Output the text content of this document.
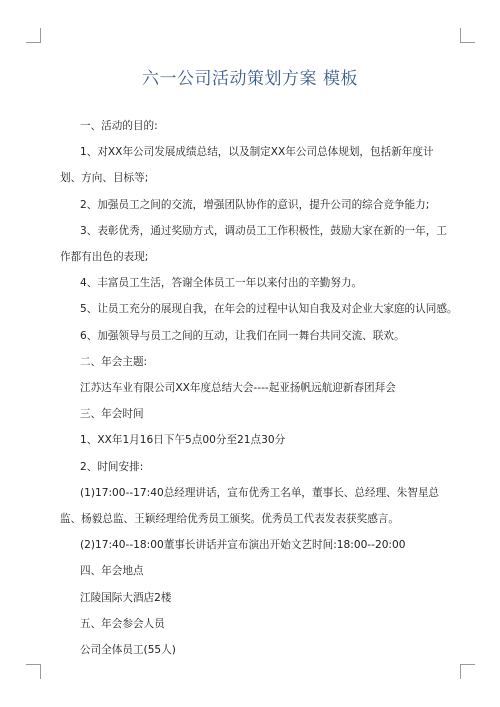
六一公司活动策划方案 模板

一、活动的目的:

1、对XX年公司发展成绩总结，以及制定XX年公司总体规划，包括新年度计划、方向、目标等;

2、加强员工之间的交流，增强团队协作的意识，提升公司的综合竞争能力;

3、表彰优秀，通过奖励方式，调动员工工作积极性，鼓励大家在新的一年，工作都有出色的表现;

4、丰富员工生活，答谢全体员工一年以来付出的辛勤努力。

5、让员工充分的展现自我，在年会的过程中认知自我及对企业大家庭的认同感。

6、加强领导与员工之间的互动，让我们在同一舞台共同交流、联欢。

二、年会主题:

江苏达车业有限公司XX年度总结大会----起亚扬帆远航迎新春团拜会

三、年会时间

1、XX年1月16日下午5点00分至21点30分

2、时间安排:

(1)17:00--17:40总经理讲话，宣布优秀工名单，董事长、总经理、朱智星总监、杨毅总监、王颖经理给优秀员工颁奖。优秀员工代表发表获奖感言。

(2)17:40--18:00董事长讲话并宣布演出开始文艺时间:18:00--20:00

四、年会地点

江陵国际大酒店2楼

五、年会参会人员

公司全体员工(55人)
